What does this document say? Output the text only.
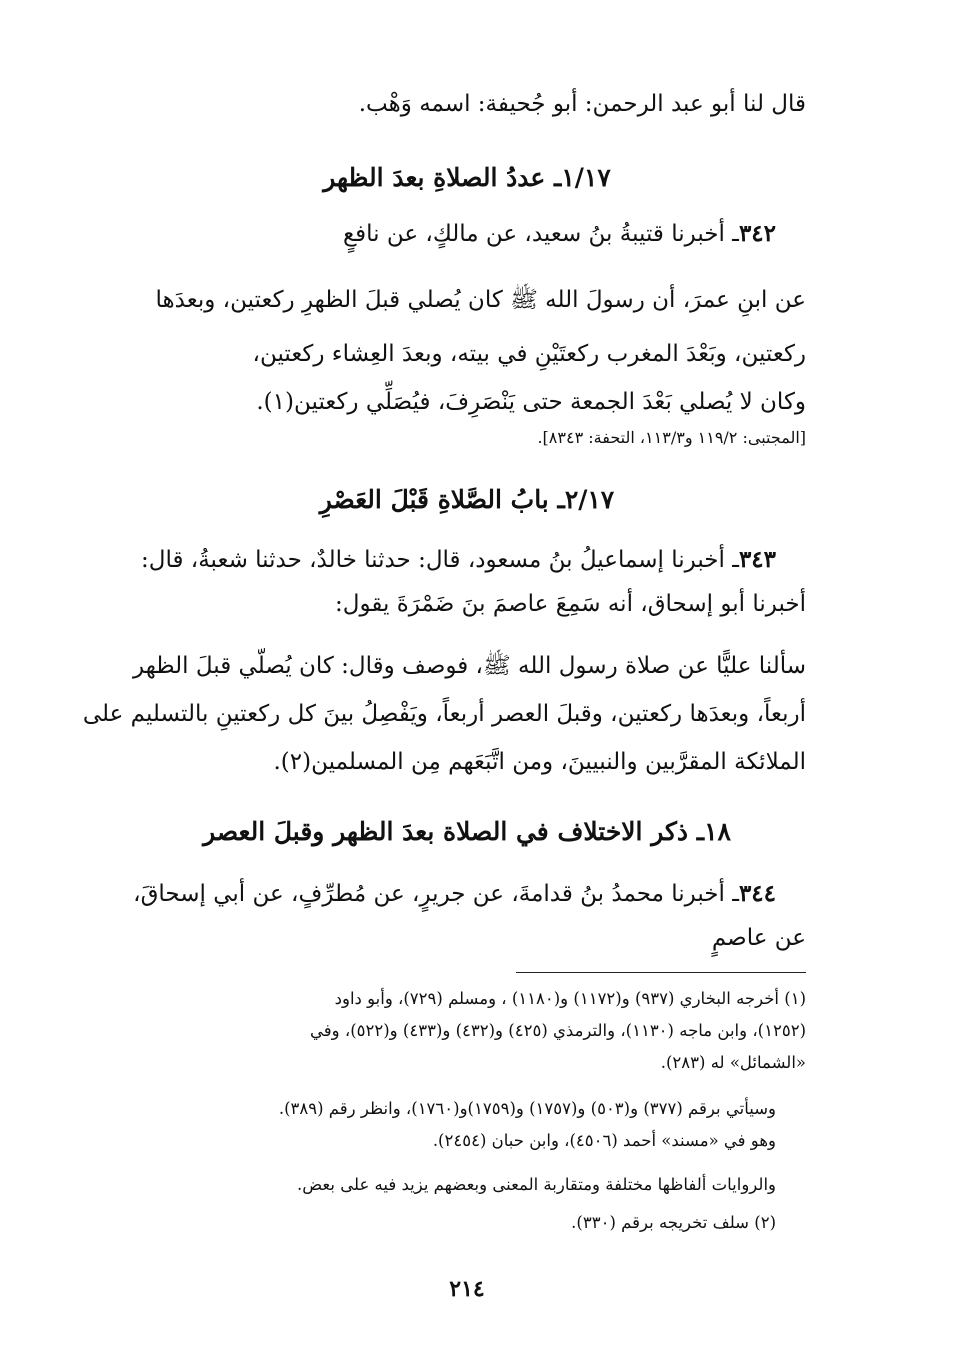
قال لنا أبو عبد الرحمن: أبو جُحيفة: اسمه وَهْب.
١/١٧ـ عددُ الصلاةِ بعدَ الظهر
٣٤٢ـ أخبرنا قتيبةُ بنُ سعيد، عن مالكٍ، عن نافعٍ
عن ابنِ عمرَ، أن رسولَ الله ﷺ كان يُصلي قبلَ الظهرِ ركعتين، وبعدَها
ركعتين، وبَعْدَ المغرب ركعتَيْنِ في بيته، وبعدَ العِشاء ركعتين،
وكان لا يُصلي بَعْدَ الجمعة حتى يَنْصَرِفَ، فيُصَلِّي ركعتين(١).
[المجتبى: ١١٩/٢ و١١٣/٣، التحفة: ٨٣٤٣].
٢/١٧ـ بابُ الصَّلاةِ قَبْلَ العَصْرِ
٣٤٣ـ أخبرنا إسماعيلُ بنُ مسعود، قال: حدثنا خالدٌ، حدثنا شعبةُ، قال:
أخبرنا أبو إسحاق، أنه سَمِعَ عاصمَ بنَ ضَمْرَةَ يقول:
سألنا عليًّا عن صلاة رسول الله ﷺ، فوصف وقال: كان يُصلّي قبلَ الظهر
أربعاً، وبعدَها ركعتين، وقبلَ العصر أربعاً، ويَفْصِلُ بينَ كل ركعتينِ بالتسليم على
الملائكة المقرَّبين والنبيينَ، ومن اتَّبَعَهم مِن المسلمين(٢).
١٨ـ ذكر الاختلاف في الصلاة بعدَ الظهر وقبلَ العصر
٣٤٤ـ أخبرنا محمدُ بنُ قدامةَ، عن جريرٍ، عن مُطرِّفٍ، عن أبي إسحاقَ،
عن عاصمٍ
(١) أخرجه البخاري (٩٣٧) و(١١٧٢) و(١١٨٠) ، ومسلم (٧٢٩)، وأبو داود
(١٢٥٢)، وابن ماجه (١١٣٠)، والترمذي (٤٢٥) و(٤٣٢) و(٤٣٣) و(٥٢٢)، وفي
«الشمائل» له (٢٨٣).
وسيأتي برقم (٣٧٧) و(٥٠٣) و(١٧٥٧) و(١٧٥٩)و(١٧٦٠)، وانظر رقم (٣٨٩).
وهو في «مسند» أحمد (٤٥٠٦)، وابن حبان (٢٤٥٤).
والروايات ألفاظها مختلفة ومتقاربة المعنى وبعضهم يزيد فيه على بعض.
(٢) سلف تخريجه برقم (٣٣٠).
٢١٤
